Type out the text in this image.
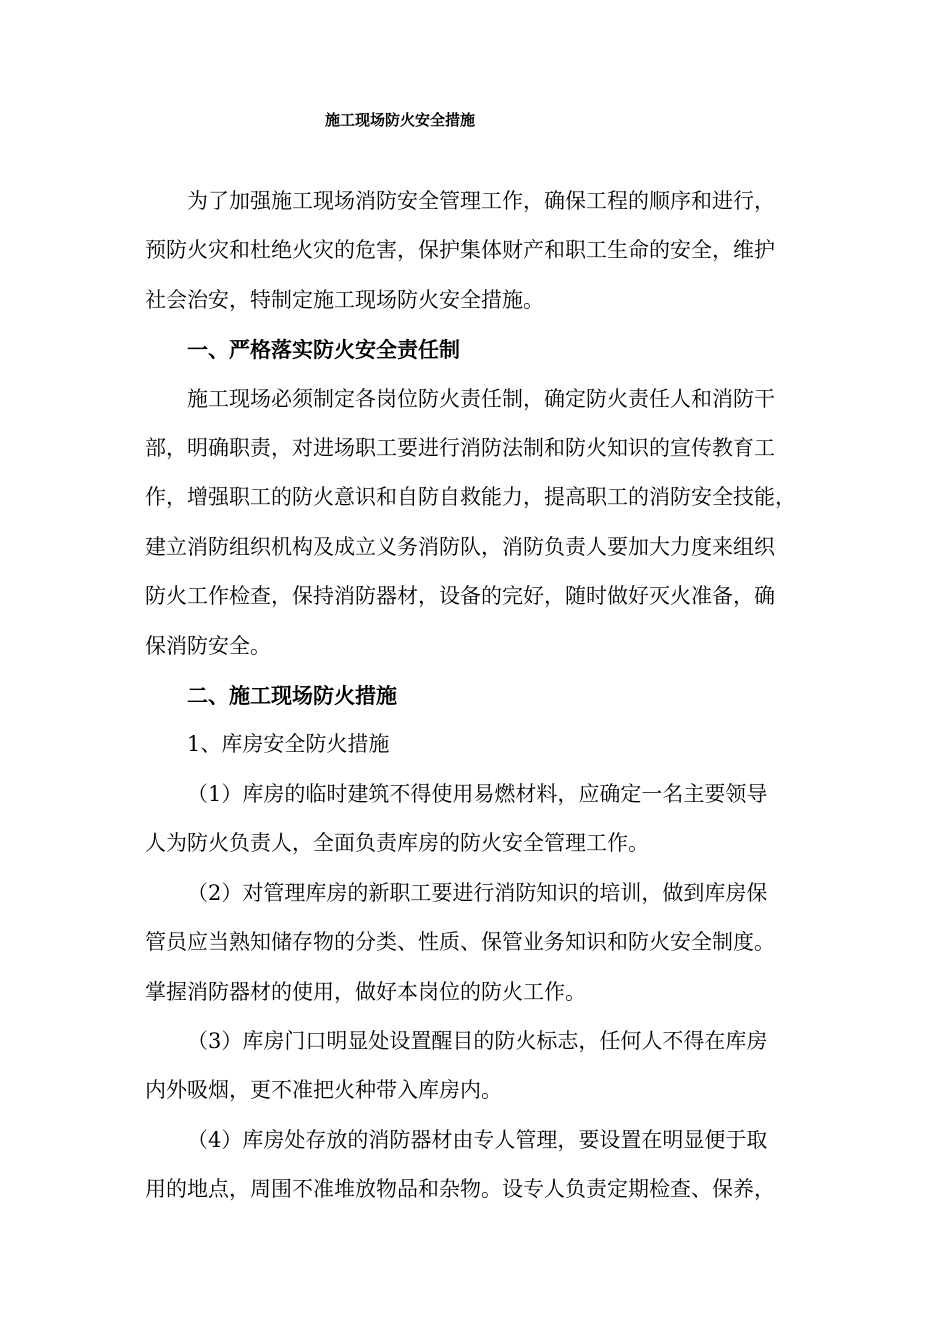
施工现场防火安全措施
为了加强施工现场消防安全管理工作，确保工程的顺序和进行，
预防火灾和杜绝火灾的危害，保护集体财产和职工生命的安全，维护
社会治安，特制定施工现场防火安全措施。
一、严格落实防火安全责任制
施工现场必须制定各岗位防火责任制，确定防火责任人和消防干
部，明确职责，对进场职工要进行消防法制和防火知识的宣传教育工
作，增强职工的防火意识和自防自救能力，提高职工的消防安全技能，
建立消防组织机构及成立义务消防队，消防负责人要加大力度来组织
防火工作检查，保持消防器材，设备的完好，随时做好灭火准备，确
保消防安全。
二、施工现场防火措施
1、库房安全防火措施
（1）库房的临时建筑不得使用易燃材料，应确定一名主要领导
人为防火负责人，全面负责库房的防火安全管理工作。
（2）对管理库房的新职工要进行消防知识的培训，做到库房保
管员应当熟知储存物的分类、性质、保管业务知识和防火安全制度。
掌握消防器材的使用，做好本岗位的防火工作。
（3）库房门口明显处设置醒目的防火标志，任何人不得在库房
内外吸烟，更不准把火种带入库房内。
（4）库房处存放的消防器材由专人管理，要设置在明显便于取
用的地点，周围不准堆放物品和杂物。设专人负责定期检查、保养，
